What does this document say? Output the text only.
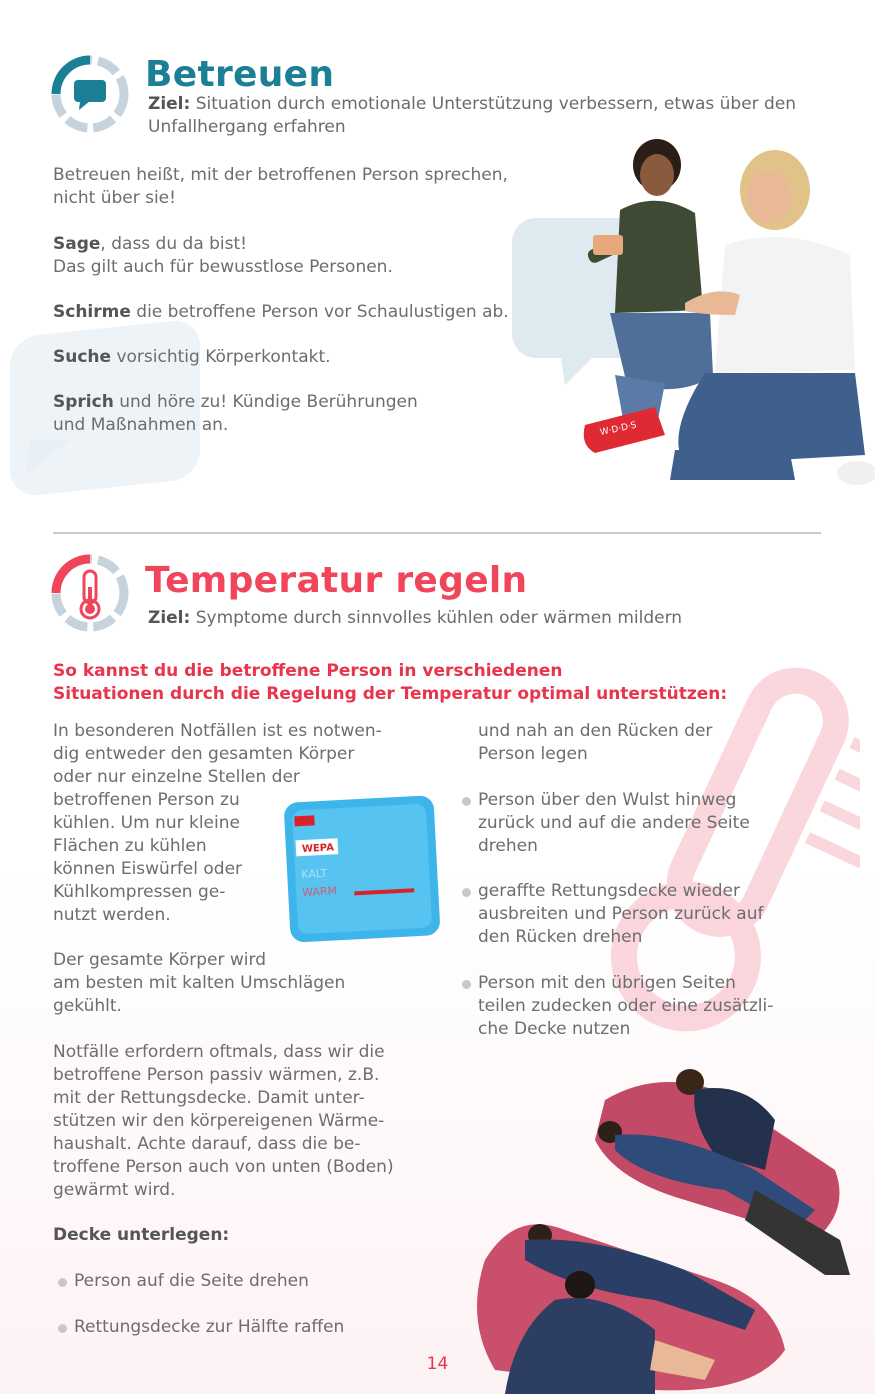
Betreuen
Ziel: Situation durch emotionale Unterstützung verbessern, etwas über den Unfallhergang erfahren
Betreuen heißt, mit der betroffenen Person sprechen, nicht über sie!
Sage, dass du da bist!
Das gilt auch für bewusstlose Personen.
Schirme die betroffene Person vor Schaulustigen ab.
Suche vorsichtig Körperkontakt.
Sprich und höre zu! Kündige Berührungen und Maßnahmen an.	W·D·D·S
Temperatur regeln
Ziel: Symptome durch sinnvolles kühlen oder wärmen mildern
So kannst du die betroffene Person in verschiedenen
Situationen durch die Regelung der Temperatur optimal unterstützen:
In besonderen Notfällen ist es notwen-
dig entweder den gesamten Körper
oder nur einzelne Stellen der
betroffenen Person zu
kühlen. Um nur kleine
Flächen zu kühlen
können Eiswürfel oder
Kühlkompressen ge-
nutzt werden.
Der gesamte Körper wird
am besten mit kalten Umschlägen
gekühlt.
Notfälle erfordern oftmals, dass wir die
betroffene Person passiv wärmen, z.B.
mit der Rettungsdecke. Damit unter-
stützen wir den körpereigenen Wärme-
haushalt. Achte darauf, dass die be-
troffene Person auch von unten (Boden)
gewärmt wird.
Decke unterlegen:
Person auf die Seite drehen
Rettungsdecke zur Hälfte raffen
WEPA
KALT
WARM
und nah an den Rücken der
Person legen
Person über den Wulst hinweg
zurück und auf die andere Seite
drehen
geraffte Rettungsdecke wieder
ausbreiten und Person zurück auf
den Rücken drehen
Person mit den übrigen Seiten
teilen zudecken oder eine zusätzli-
che Decke nutzen
14
